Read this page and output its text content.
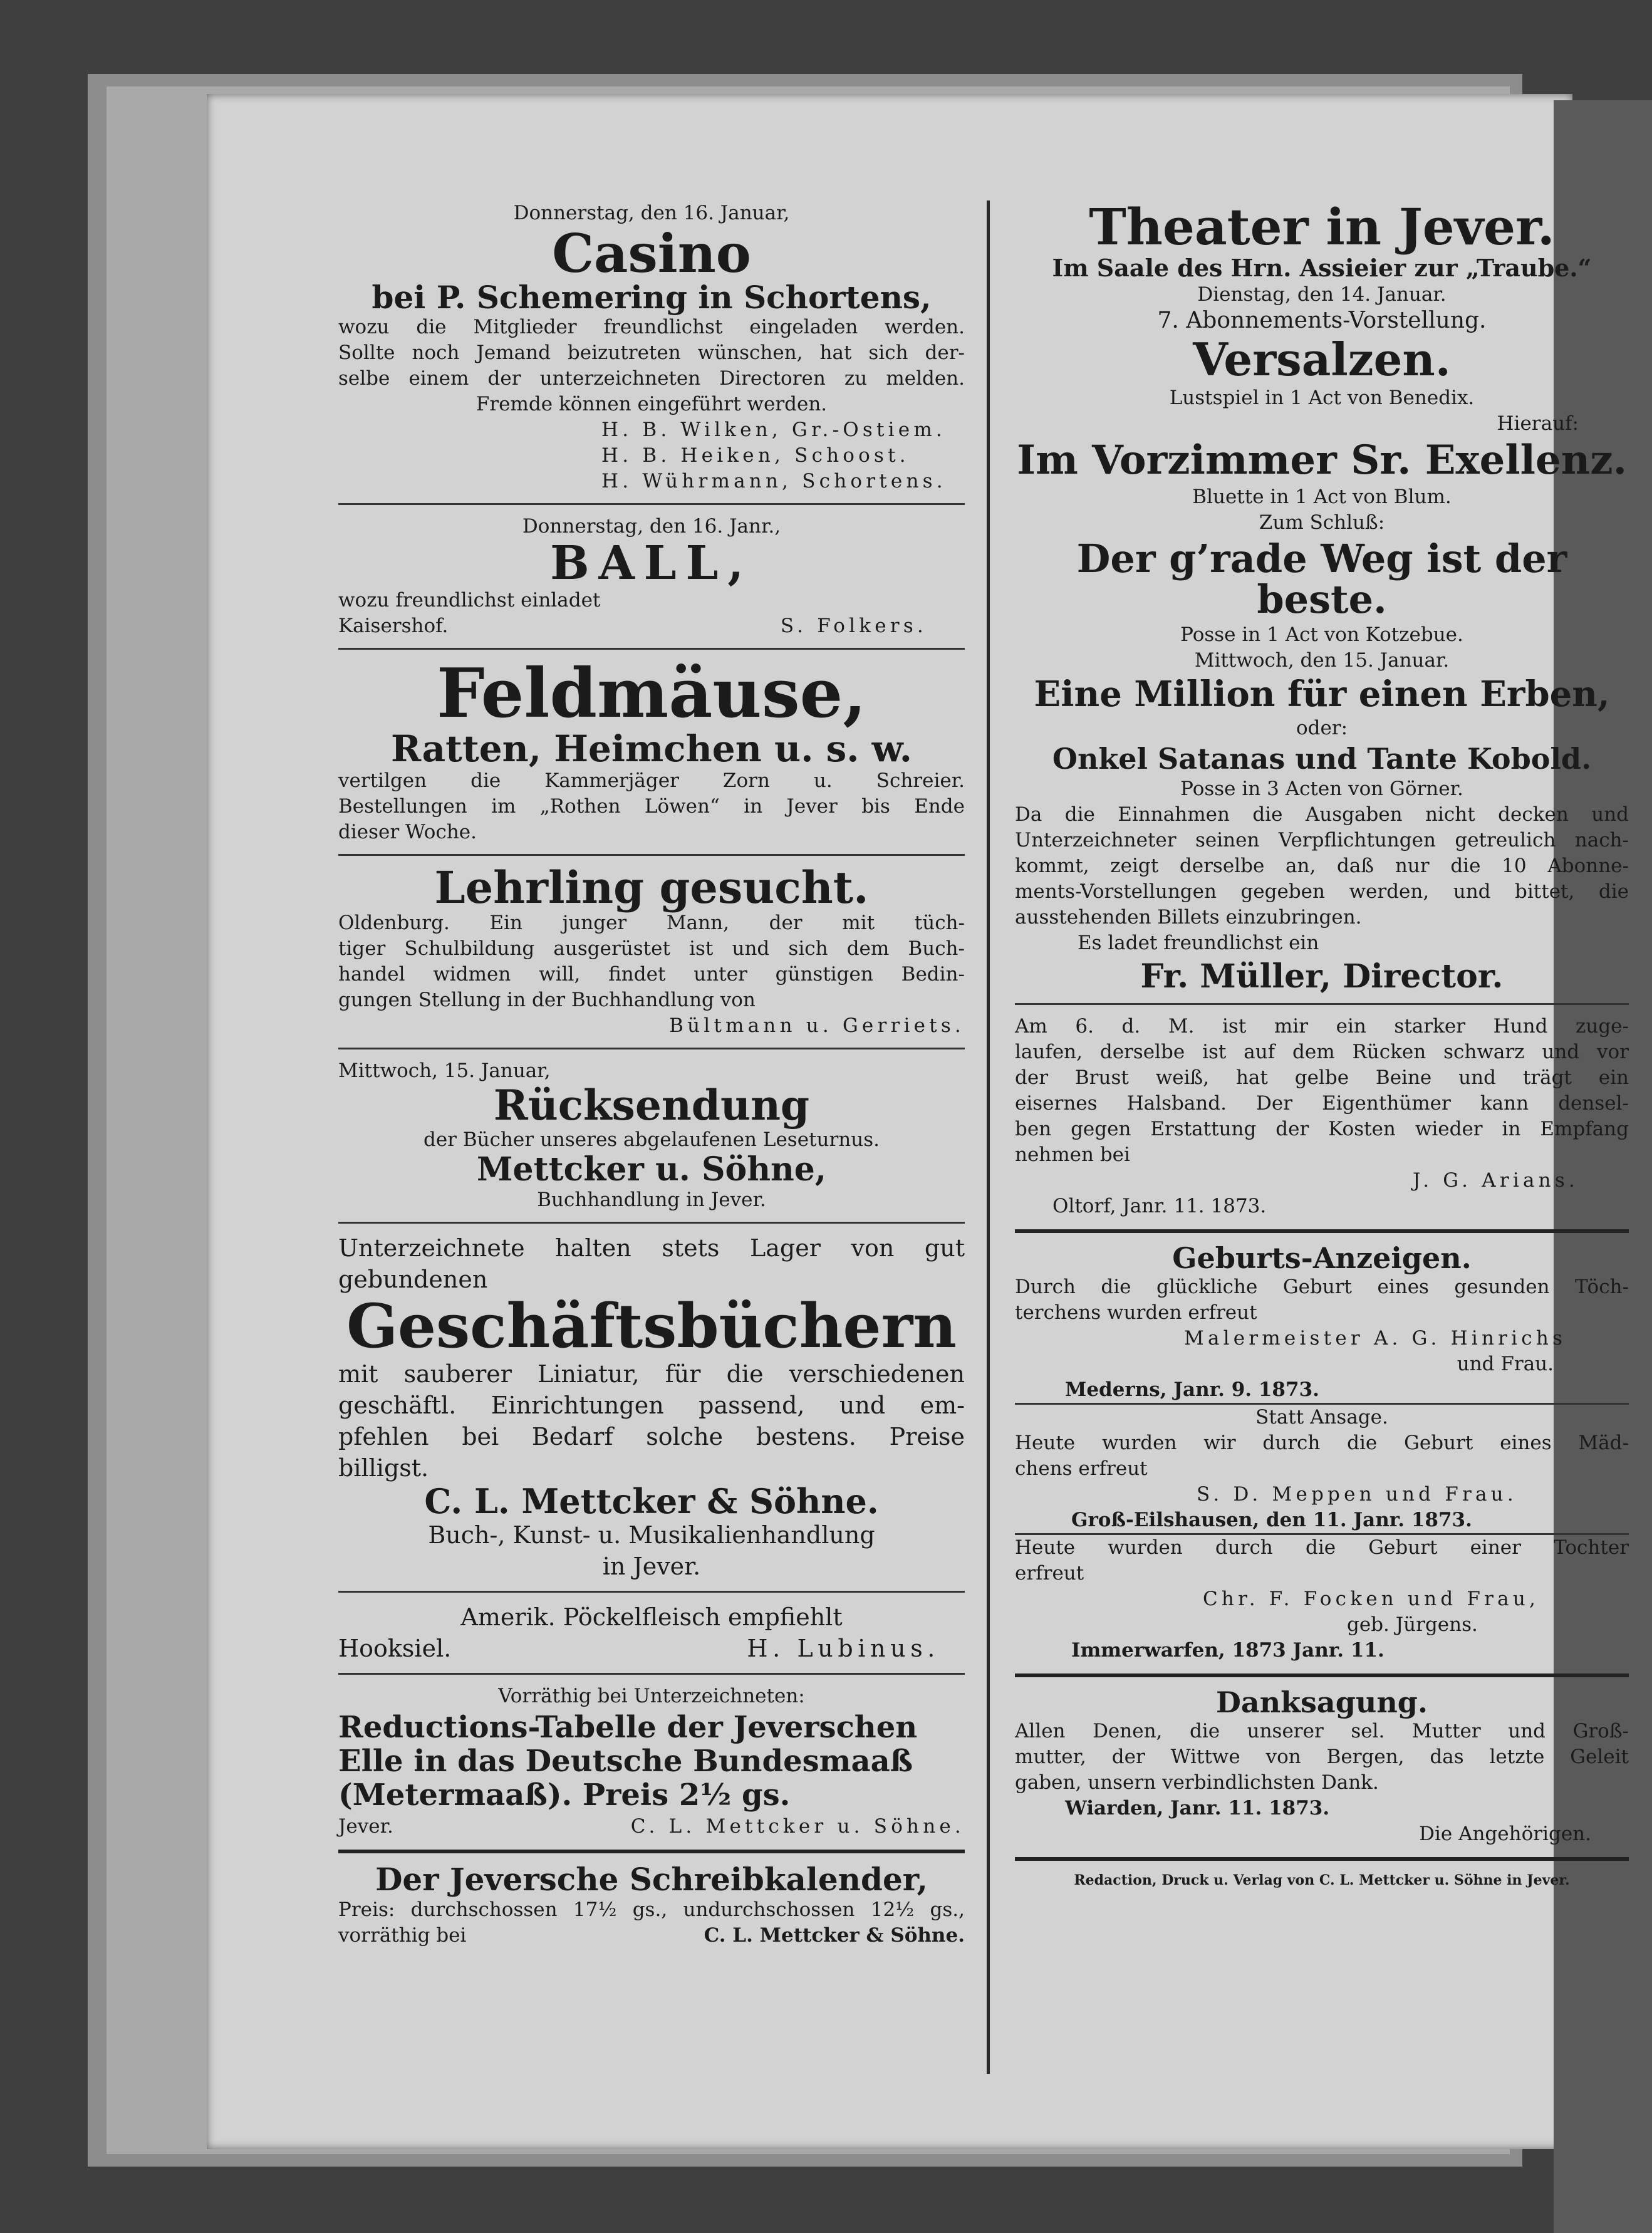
Donnerstag, den 16. Januar,

Casino

bei P. Schemering in Schortens,

wozu die Mitglieder freundlichst eingeladen werden.
Sollte noch Jemand beizutreten wünschen, hat sich der-
selbe einem der unterzeichneten Directoren zu melden.
Fremde können eingeführt werden.
H. B. Wilken, Gr.-Ostiem.
H. B. Heiken, Schoost.
H. Wührmann, Schortens.

Donnerstag, den 16. Janr.,

BALL,

wozu freundlichst einladet
Kaisershof.	S. Folkers.

Feldmäuse,

Ratten, Heimchen u. s. w.

vertilgen die Kammerjäger Zorn u. Schreier.
Bestellungen im „Rothen Löwen“ in Jever bis Ende
dieser Woche.

Lehrling gesucht.

Oldenburg. Ein junger Mann, der mit tüch-
tiger Schulbildung ausgerüstet ist und sich dem Buch-
handel widmen will, findet unter günstigen Bedin-
gungen Stellung in der Buchhandlung von
Bültmann u. Gerriets.
Mittwoch, 15. Januar,

Rücksendung

der Bücher unseres abgelaufenen Leseturnus.

Mettcker u. Söhne,

Buchhandlung in Jever.
Unterzeichnete halten stets Lager von gut
gebundenen

Geschäftsbüchern

mit sauberer Liniatur, für die verschiedenen
geschäftl. Einrichtungen passend, und em-
pfehlen bei Bedarf solche bestens. Preise
billigst.

C. L. Mettcker & Söhne.

Buch-, Kunst- u. Musikalienhandlung
in Jever.
Amerik. Pöckelfleisch empfiehlt
Hooksiel.	H. Lubinus.
Vorräthig bei Unterzeichneten:

Reductions-Tabelle der Jeverschen

Elle in das Deutsche Bundesmaaß

(Metermaaß). Preis 2½ gs.

Jever.	C. L. Mettcker u. Söhne.

Der Jeversche Schreibkalender,

Preis: durchschossen 17½ gs., undurchschossen 12½ gs.,
vorräthig bei	C. L. Mettcker & Söhne.

Theater in Jever.

Im Saale des Hrn. Assieier zur „Traube.“

Dienstag, den 14. Januar.
7. Abonnements-Vorstellung.

Versalzen.

Lustspiel in 1 Act von Benedix.
Hierauf:

Im Vorzimmer Sr. Exellenz.

Bluette in 1 Act von Blum.
Zum Schluß:

Der g’rade Weg ist der beste.

Posse in 1 Act von Kotzebue.
Mittwoch, den 15. Januar.

Eine Million für einen Erben,

oder:

Onkel Satanas und Tante Kobold.

Posse in 3 Acten von Görner.
Da die Einnahmen die Ausgaben nicht decken und
Unterzeichneter seinen Verpflichtungen getreulich nach-
kommt, zeigt derselbe an, daß nur die 10 Abonne-
ments-Vorstellungen gegeben werden, und bittet, die
ausstehenden Billets einzubringen.
Es ladet freundlichst ein

Fr. Müller, Director.

Am 6. d. M. ist mir ein starker Hund zuge-
laufen, derselbe ist auf dem Rücken schwarz und vor
der Brust weiß, hat gelbe Beine und trägt ein
eisernes Halsband. Der Eigenthümer kann densel-
ben gegen Erstattung der Kosten wieder in Empfang
nehmen bei
J. G. Arians.
Oltorf, Janr. 11. 1873.

Geburts-Anzeigen.

Durch die glückliche Geburt eines gesunden Töch-
terchens wurden erfreut
Malermeister A. G. Hinrichs
und Frau.
Mederns, Janr. 9. 1873.
Statt Ansage.
Heute wurden wir durch die Geburt eines Mäd-
chens erfreut
S. D. Meppen und Frau.
Groß-Eilshausen, den 11. Janr. 1873.
Heute wurden durch die Geburt einer Tochter
erfreut
Chr. F. Focken und Frau,
geb. Jürgens.
Immerwarfen, 1873 Janr. 11.

Danksagung.

Allen Denen, die unserer sel. Mutter und Groß-
mutter, der Wittwe von Bergen, das letzte Geleit
gaben, unsern verbindlichsten Dank.
Wiarden, Janr. 11. 1873.
Die Angehörigen.
Redaction, Druck u. Verlag von C. L. Mettcker u. Söhne in Jever.
